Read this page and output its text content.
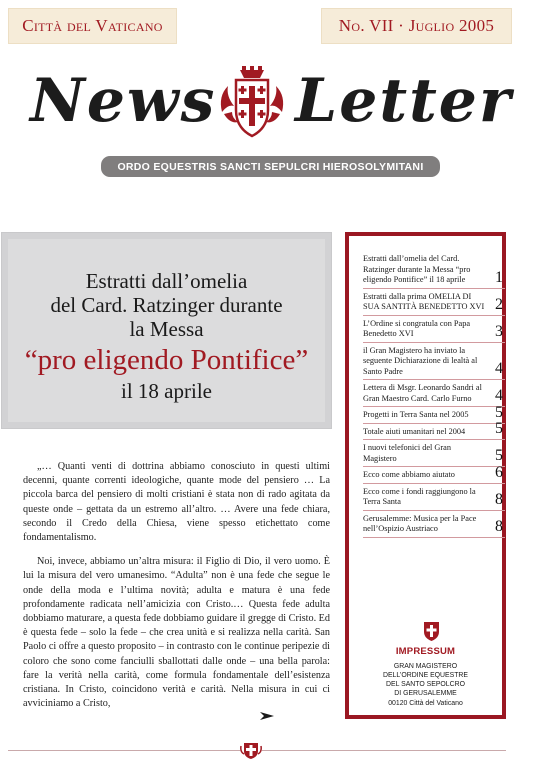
Città del Vaticano	No. VII · Juglio 2005
News Letter
ORDO EQUESTRIS SANCTI SEPULCRI HIEROSOLYMITANI
Estratti dall’omelia
del Card. Ratzinger durante
la Messa
“pro eligendo Pontifice”
il 18 aprile

„… Quanti venti di dottrina abbiamo conosciuto in questi ultimi decenni, quante correnti ideologiche, quante mode del pensiero … La piccola barca del pensiero di molti cristiani è stata non di rado agitata da queste onde – gettata da un estremo all’altro. … Avere una fede chiara, secondo il Credo della Chiesa, viene spesso etichettato come fondamentalismo.

Noi, invece, abbiamo un’altra misura: il Figlio di Dio, il vero uomo. È lui la misura del vero umanesimo. “Adulta” non è una fede che segue le onde della moda e l’ultima novità; adulta e matura è una fede profondamente radicata nell’amicizia con Cristo.… Questa fede adulta dobbiamo maturare, a questa fede dobbiamo guidare il gregge di Cristo. Ed è questa fede – solo la fede – che crea unità e si realizza nella carità. San Paolo ci offre a questo proposito – in contrasto con le continue peripezie di coloro che sono come fanciulli sballottati dalle onde – una bella parola: fare la verità nella carità, come formula fondamentale dell’esistenza cristiana. In Cristo, coincidono verità e carità. Nella misura in cui ci avviciniamo a Cristo,

Estratti dall’omelia del Card. Ratzinger durante la Messa “pro eligendo Pontifice” il 18 aprile	1
Estratti dalla prima OMELIA DI SUA SANTITÀ BENEDETTO XVI 2
L’Ordine si congratula con Papa Benedetto XVI	3
il Gran Magistero ha inviato la seguente Dichiarazione di lealtà al Santo Padre	4
Lettera di Msgr. Leonardo Sandri al Gran Maestro Card. Carlo Furno	4
Progetti in Terra Santa nel 2005	5
Totale aiuti umanitari nel 2004	5
I nuovi telefonici del Gran Magistero	5
Ecco come abbiamo aiutato	6
Ecco come i fondi raggiungono la Terra Santa	8
Gerusalemme: Musica per la Pace nell’Ospizio Austriaco	8
IMPRESSUM
GRAN MAGISTERO
DELL’ORDINE EQUESTRE
DEL SANTO SEPOLCRO
DI GERUSALEMME
00120 Città del Vaticano
